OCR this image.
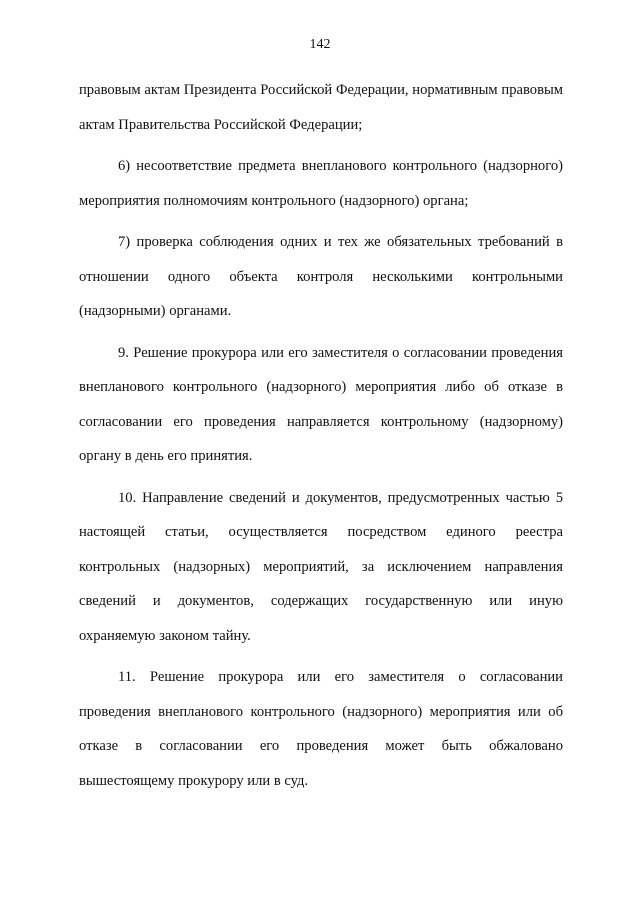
142

правовым актам Президента Российской Федерации, нормативным правовым актам Правительства Российской Федерации;

6) несоответствие предмета внепланового контрольного (надзорного) мероприятия полномочиям контрольного (надзорного) органа;

7) проверка соблюдения одних и тех же обязательных требований в отношении одного объекта контроля несколькими контрольными (надзорными) органами.

9. Решение прокурора или его заместителя о согласовании проведения внепланового контрольного (надзорного) мероприятия либо об отказе в согласовании его проведения направляется контрольному (надзорному) органу в день его принятия.

10. Направление сведений и документов, предусмотренных частью 5 настоящей статьи, осуществляется посредством единого реестра контрольных (надзорных) мероприятий, за исключением направления сведений и документов, содержащих государственную или иную охраняемую законом тайну.

11. Решение прокурора или его заместителя о согласовании проведения внепланового контрольного (надзорного) мероприятия или об отказе в согласовании его проведения может быть обжаловано вышестоящему прокурору или в суд.
